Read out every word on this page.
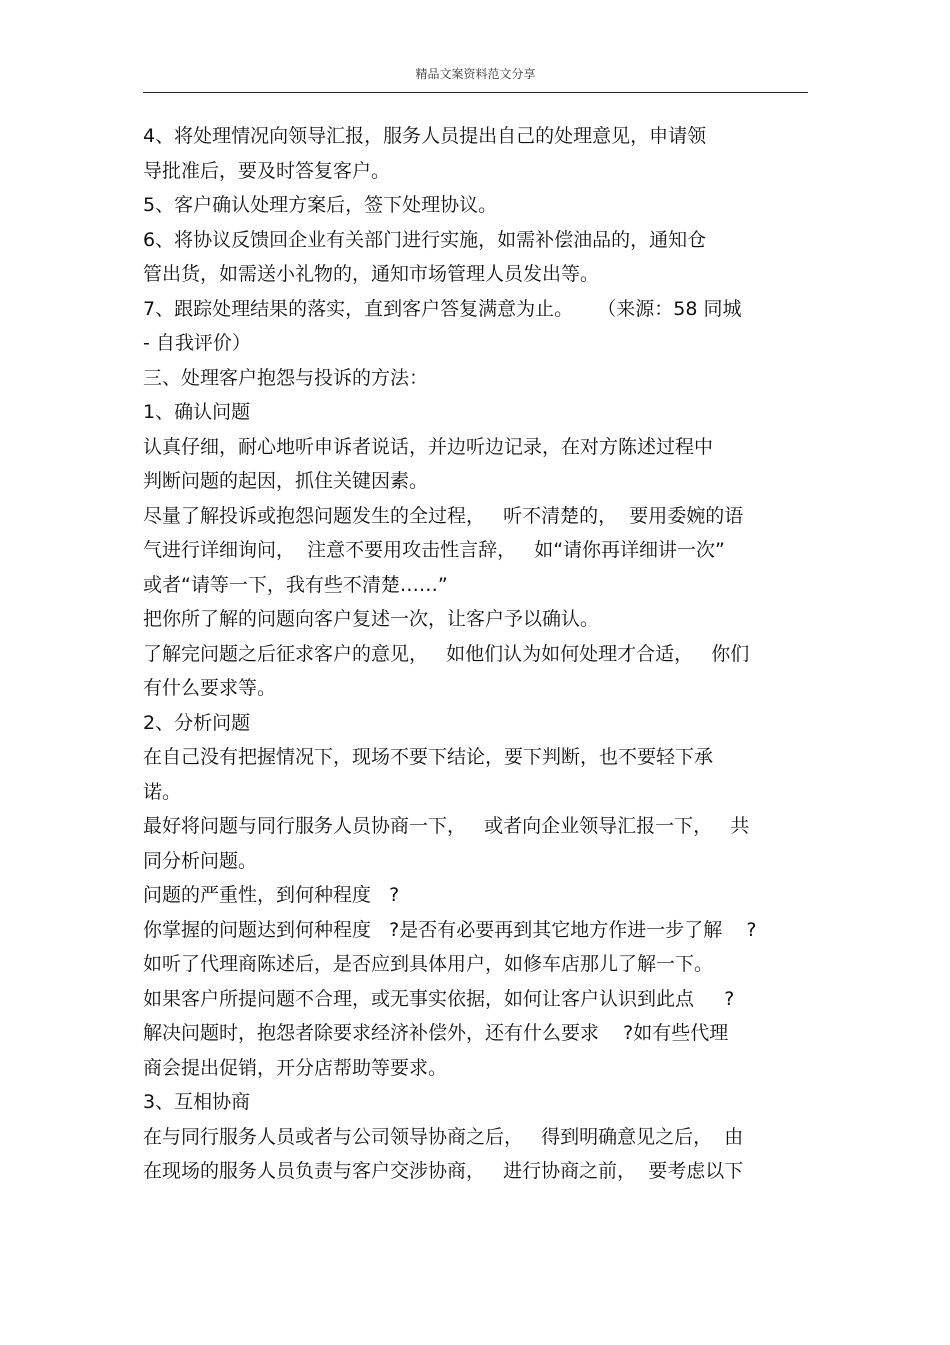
精品文案资料范文分享
4、将处理情况向领导汇报，服务人员提出自己的处理意见，申请领
导批准后，要及时答复客户。
5、客户确认处理方案后，签下处理协议。
6、将协议反馈回企业有关部门进行实施，如需补偿油品的，通知仓
管出货，如需送小礼物的，通知市场管理人员发出等。
7、跟踪处理结果的落实，直到客户答复满意为止。    （来源：58 同城
- 自我评价）
三、处理客户抱怨与投诉的方法：
1、确认问题
认真仔细，耐心地听申诉者说话，并边听边记录，在对方陈述过程中
判断问题的起因，抓住关键因素。
尽量了解投诉或抱怨问题发生的全过程，   听不清楚的，  要用委婉的语
气进行详细询问，  注意不要用攻击性言辞，   如“请你再详细讲一次”
或者“请等一下，我有些不清楚……”
把你所了解的问题向客户复述一次，让客户予以确认。
了解完问题之后征求客户的意见，   如他们认为如何处理才合适，   你们
有什么要求等。
2、分析问题
在自己没有把握情况下，现场不要下结论，要下判断，也不要轻下承
诺。
最好将问题与同行服务人员协商一下，   或者向企业领导汇报一下，   共
同分析问题。
问题的严重性，到何种程度   ?
你掌握的问题达到何种程度   ?是否有必要再到其它地方作进一步了解    ?
如听了代理商陈述后，是否应到具体用户，如修车店那儿了解一下。
如果客户所提问题不合理，或无事实依据，如何让客户认识到此点     ?
解决问题时，抱怨者除要求经济补偿外，还有什么要求    ?如有些代理
商会提出促销，开分店帮助等要求。
3、互相协商
在与同行服务人员或者与公司领导协商之后，   得到明确意见之后，  由
在现场的服务人员负责与客户交涉协商，   进行协商之前，  要考虑以下
